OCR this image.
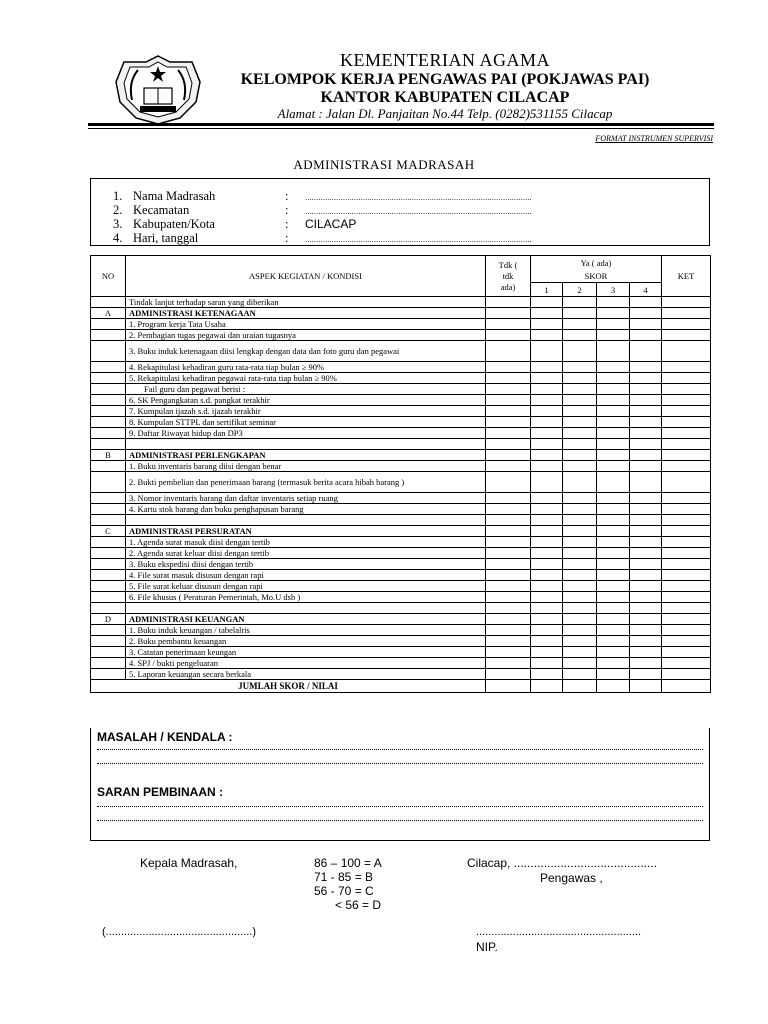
KEMENTERIAN AGAMA
KELOMPOK KERJA PENGAWAS PAI (POKJAWAS PAI)
KANTOR KABUPATEN CILACAP
Alamat : Jalan Dl. Panjaitan No.44 Telp. (0282)531155 Cilacap
FORMAT INSTRUMEN SUPERVISI
ADMINISTRASI MADRASAH
1. Nama Madrasah	: ......................................................................................................
2. Kecamatan	: ......................................................................................................
3. Kabupaten/Kota	: CILACAP
4. Hari, tanggal	: ......................................................................................................
NO	ASPEK KEGIATAN / KONDISI	Tdk (
tdk
ada)	Ya ( ada)				KET
			SKOR				
			1	2	3	4	
	Tindak lanjut terhadap saran yang diberikan						
A	ADMINISTRASI KETENAGAAN						
	1. Program kerja Tata Usaha						
	2. Pembagian tugas pegawai dan uraian tugasnya						
	3. Buku induk ketenagaan diisi lengkap dengan data dan foto guru dan pegawai						
	4. Rekapitulasi kehadiran guru rata-rata tiap bulan ≥ 90%						
	5. Rekapitulasi kehadiran pegawai rata-rata tiap bulan ≥ 90%						
	Fail guru dan pegawai berisi :						
	6. SK Pengangkatan s.d. pangkat terakhir						
	7. Kumpulan ijazah s.d. ijazah terakhir						
	8. Kumpulan STTPL dan sertifikat seminar						
	9. Daftar Riwayat hidup dan DP3						

B	ADMINISTRASI PERLENGKAPAN						
	1. Buku inventaris barang diisi dengan benar						
	2. Bukti pembelian dan penerimaan barang (termasuk berita acara hibah barang )						
	3. Nomor inventaris barang dan daftar inventaris setiap ruang						
	4. Kartu stok barang dan buku penghapusan barang						

C	ADMINISTRASI PERSURATAN						
	1. Agenda surat masuk diisi dengan tertib						
	2. Agenda surat keluar diisi dengan tertib						
	3. Buku ekspedisi diisi dengan tertib						
	4. File surat masuk disusun dengan rapi						
	5. File surat keluar disusun dengan rapi						
	6. File khusus ( Peraturan Pemerintah, Mo.U dsb )						

D	ADMINISTRASI KEUANGAN						
	1. Buku induk keuangan / tabelalris						
	2. Buku pembantu keuangan						
	3. Catatan penerimaan keungan						
	4. SPJ / bukti pengeluaran						
	5. Laporan keuangan secara berkala						
JUMLAH SKOR / NILAI							
MASALAH / KENDALA :
SARAN PEMBINAAN :
Kepala Madrasah,	86 – 100 = A
71 - 85 = B
56 - 70 = C
< 56 = D
Cilacap, ...........................................
Pengawas ,
(................................................)	......................................................
NIP.
